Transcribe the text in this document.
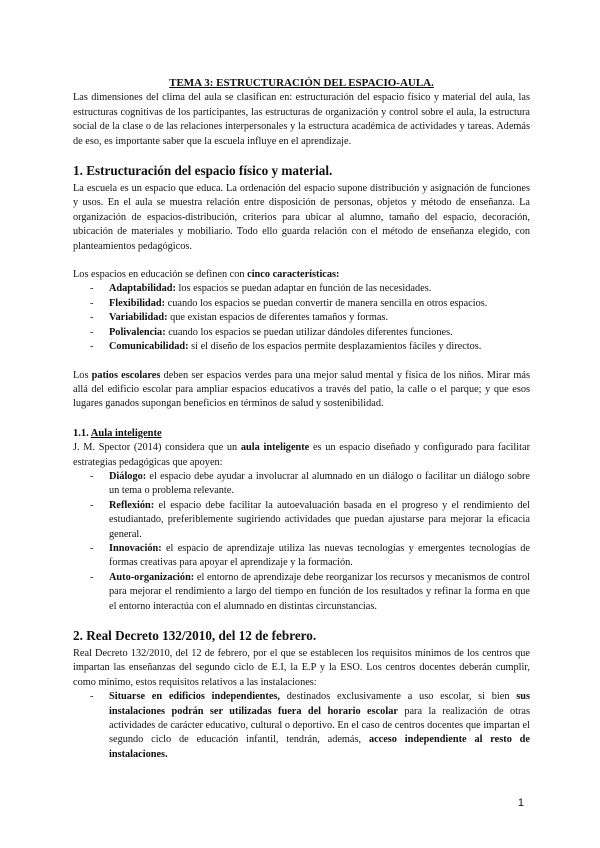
TEMA 3: ESTRUCTURACIÓN DEL ESPACIO-AULA.

Las dimensiones del clima del aula se clasifican en: estructuración del espacio físico y material del aula, las estructuras cognitivas de los participantes, las estructuras de organización y control sobre el aula, la estructura social de la clase o de las relaciones interpersonales y la estructura académica de actividades y tareas. Además de eso, es importante saber que la escuela influye en el aprendizaje.

1. Estructuración del espacio físico y material.

La escuela es un espacio que educa. La ordenación del espacio supone distribución y asignación de funciones y usos. En el aula se muestra relación entre disposición de personas, objetos y método de enseñanza. La organización de espacios-distribución, criterios para ubicar al alumno, tamaño del espacio, decoración, ubicación de materiales y mobiliario. Todo ello guarda relación con el método de enseñanza elegido, con planteamientos pedagógicos.

Los espacios en educación se definen con cinco características:

- Adaptabilidad: los espacios se puedan adaptar en función de las necesidades.
- Flexibilidad: cuando los espacios se puedan convertir de manera sencilla en otros espacios.
- Variabilidad: que existan espacios de diferentes tamaños y formas.
- Polivalencia: cuando los espacios se puedan utilizar dándoles diferentes funciones.
- Comunicabilidad: si el diseño de los espacios permite desplazamientos fáciles y directos.

Los patios escolares deben ser espacios verdes para una mejor salud mental y física de los niños. Mirar más allá del edificio escolar para ampliar espacios educativos a través del patio, la calle o el parque; y que esos lugares ganados supongan beneficios en términos de salud y sostenibilidad.

1.1. Aula inteligente

J. M. Spector (2014) considera que un aula inteligente es un espacio diseñado y configurado para facilitar estrategias pedagógicas que apoyen:

- Diálogo: el espacio debe ayudar a involucrar al alumnado en un diálogo o facilitar un diálogo sobre un tema o problema relevante.
- Reflexión: el espacio debe facilitar la autoevaluación basada en el progreso y el rendimiento del estudiantado, preferiblemente sugiriendo actividades que puedan ajustarse para mejorar la eficacia general.
- Innovación: el espacio de aprendizaje utiliza las nuevas tecnologías y emergentes tecnologías de formas creativas para apoyar el aprendizaje y la formación.
- Auto-organización: el entorno de aprendizaje debe reorganizar los recursos y mecanismos de control para mejorar el rendimiento a largo del tiempo en función de los resultados y refinar la forma en que el entorno interactúa con el alumnado en distintas circunstancias.
2. Real Decreto 132/2010, del 12 de febrero.

Real Decreto 132/2010, del 12 de febrero, por el que se establecen los requisitos mínimos de los centros que impartan las enseñanzas del segundo ciclo de E.I, la E.P y la ESO. Los centros docentes deberán cumplir, como mínimo, estos requisitos relativos a las instalaciones:

- Situarse en edificios independientes, destinados exclusivamente a uso escolar, si bien sus instalaciones podrán ser utilizadas fuera del horario escolar para la realización de otras actividades de carácter educativo, cultural o deportivo. En el caso de centros docentes que impartan el segundo ciclo de educación infantil, tendrán, además, acceso independiente al resto de instalaciones.
1
